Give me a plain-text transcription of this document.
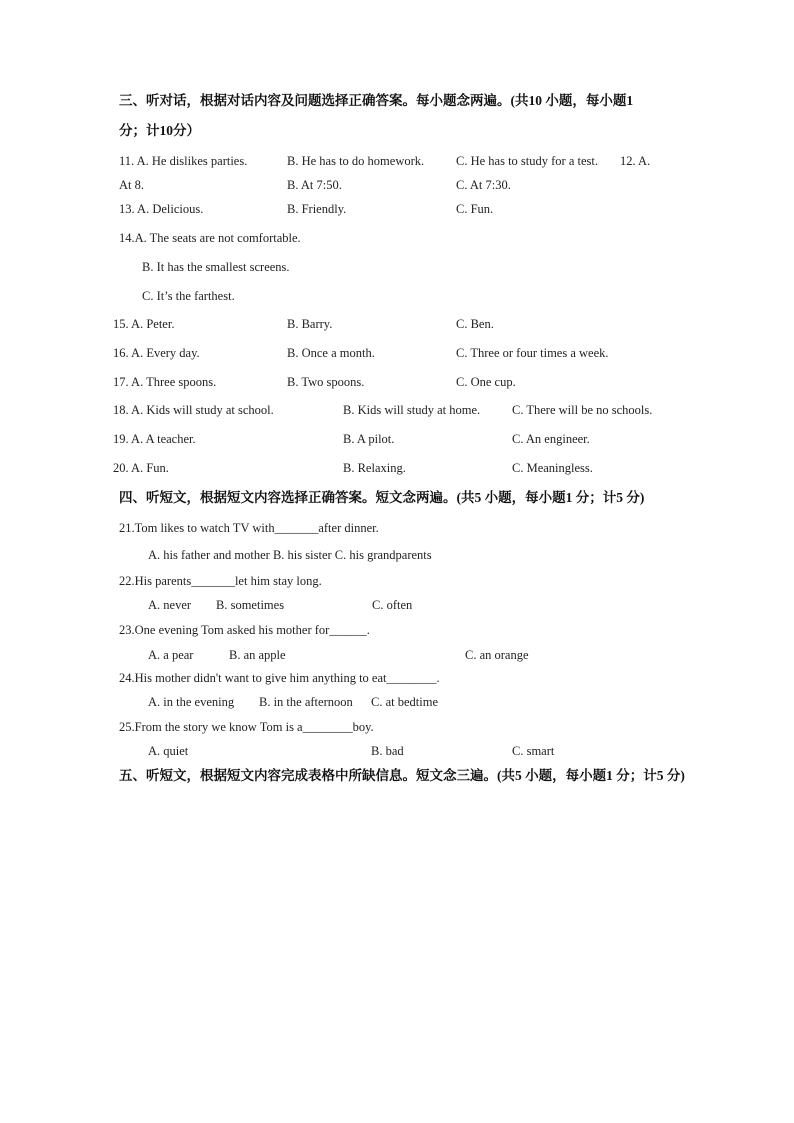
三、听对话，根据对话内容及问题选择正确答案。每小题念两遍。(共10 小题，每小题1
分；计10分）
11. A. He dislikes parties.	B. He has to do homework.	C. He has to study for a test. 12. A.
At 8.	B. At 7:50.	C. At 7:30.
13. A. Delicious.	B. Friendly.	C. Fun.
14.A. The seats are not comfortable.
B. It has the smallest screens.
C. It’s the farthest.
15. A. Peter.	B. Barry.	C. Ben.
16. A. Every day.	B. Once a month.	C. Three or four times a week.
17. A. Three spoons.	B. Two spoons.	C. One cup.
18. A. Kids will study at school.	B. Kids will study at home.	C. There will be no schools.
19. A. A teacher.	B. A pilot.	C. An engineer.
20. A. Fun.	B. Relaxing.	C. Meaningless.
四、听短文，根据短文内容选择正确答案。短文念两遍。(共5 小题，每小题1 分；计5 分)
21.Tom likes to watch TV with_______after dinner.
A. his father and mother B. his sister C. his grandparents
22.His parents_______let him stay long.
A. never B. sometimes	C. often
23.One evening Tom asked his mother for______.
A. a pear	B. an apple	C. an orange
24.His mother didn't want to give him anything to eat________.
A. in the evening B. in the afternoon C. at bedtime
25.From the story we know Tom is a________boy.
A. quiet	B. bad	C. smart
五、听短文，根据短文内容完成表格中所缺信息。短文念三遍。(共5 小题，每小题1 分；计5 分)
